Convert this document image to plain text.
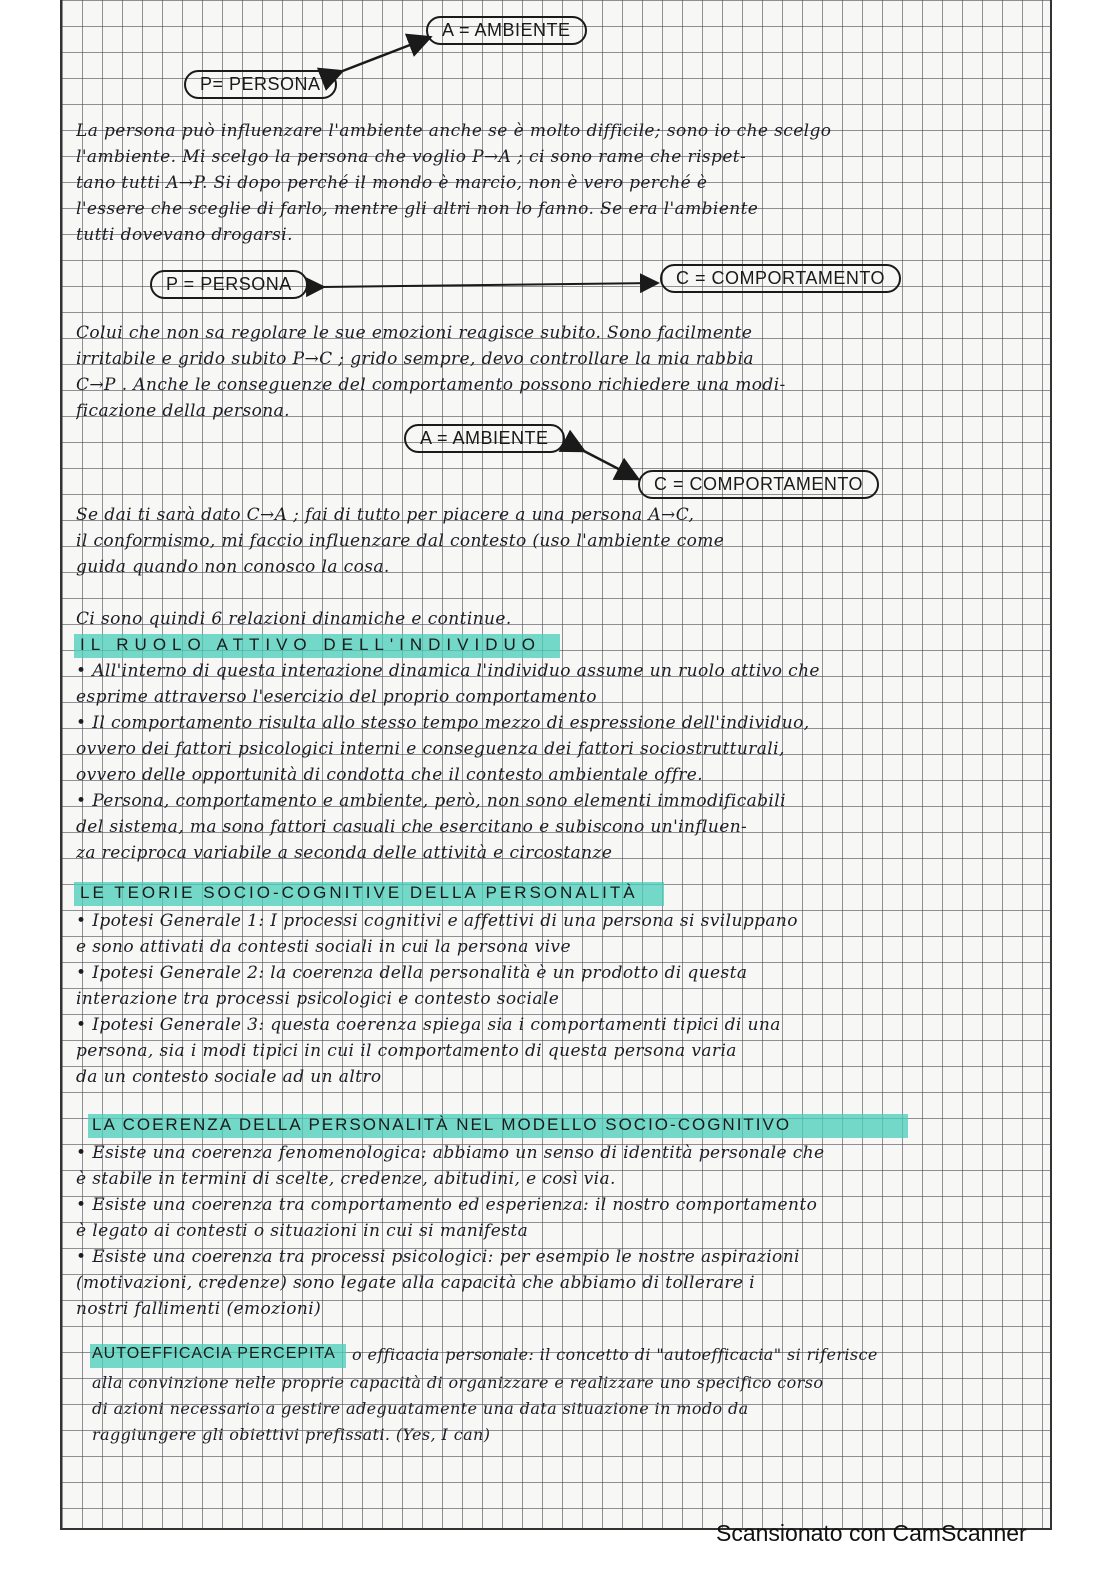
A = AMBIENTE
P= PERSONA
La persona può influenzare l'ambiente anche se è molto difficile; sono io che scelgo
l'ambiente. Mi scelgo la persona che voglio P→A ; ci sono rame che rispet-
tano tutti A→P. Si dopo perché il mondo è marcio, non è vero perché è
l'essere che sceglie di farlo, mentre gli altri non lo fanno. Se era l'ambiente
tutti dovevano drogarsi.
P = PERSONA	C = COMPORTAMENTO
Colui che non sa regolare le sue emozioni reagisce subito. Sono facilmente
irritabile e grido subito P→C ; grido sempre, devo controllare la mia rabbia
C→P . Anche le conseguenze del comportamento possono richiedere una modi-
ficazione della persona.
A = AMBIENTE
C = COMPORTAMENTO
Se dai ti sarà dato C→A ; fai di tutto per piacere a una persona A→C,
il conformismo, mi faccio influenzare dal contesto (uso l'ambiente come
guida quando non conosco la cosa.
Ci sono quindi 6 relazioni dinamiche e continue.
IL RUOLO ATTIVO DELL'INDIVIDUO
• All'interno di questa interazione dinamica l'individuo assume un ruolo attivo che
esprime attraverso l'esercizio del proprio comportamento
• Il comportamento risulta allo stesso tempo mezzo di espressione dell'individuo,
ovvero dei fattori psicologici interni e conseguenza dei fattori sociostrutturali,
ovvero delle opportunità di condotta che il contesto ambientale offre.
• Persona, comportamento e ambiente, però, non sono elementi immodificabili
del sistema, ma sono fattori casuali che esercitano e subiscono un'influen-
za reciproca variabile a seconda delle attività e circostanze
LE TEORIE SOCIO-COGNITIVE DELLA PERSONALITÀ
• Ipotesi Generale 1: I processi cognitivi e affettivi di una persona si sviluppano
e sono attivati da contesti sociali in cui la persona vive
• Ipotesi Generale 2: la coerenza della personalità è un prodotto di questa
interazione tra processi psicologici e contesto sociale
• Ipotesi Generale 3: questa coerenza spiega sia i comportamenti tipici di una
persona, sia i modi tipici in cui il comportamento di questa persona varia
da un contesto sociale ad un altro
LA COERENZA DELLA PERSONALITÀ NEL MODELLO SOCIO-COGNITIVO
• Esiste una coerenza fenomenologica: abbiamo un senso di identità personale che
è stabile in termini di scelte, credenze, abitudini, e così via.
• Esiste una coerenza tra comportamento ed esperienza: il nostro comportamento
è legato ai contesti o situazioni in cui si manifesta
• Esiste una coerenza tra processi psicologici: per esempio le nostre aspirazioni
(motivazioni, credenze) sono legate alla capacità che abbiamo di tollerare i
nostri fallimenti (emozioni)
AUTOEFFICACIA PERCEPITA o efficacia personale: il concetto di "autoefficacia" si riferisce
alla convinzione nelle proprie capacità di organizzare e realizzare uno specifico corso
di azioni necessario a gestire adeguatamente una data situazione in modo da
raggiungere gli obiettivi prefissati. (Yes, I can)
Scansionato con CamScanner
